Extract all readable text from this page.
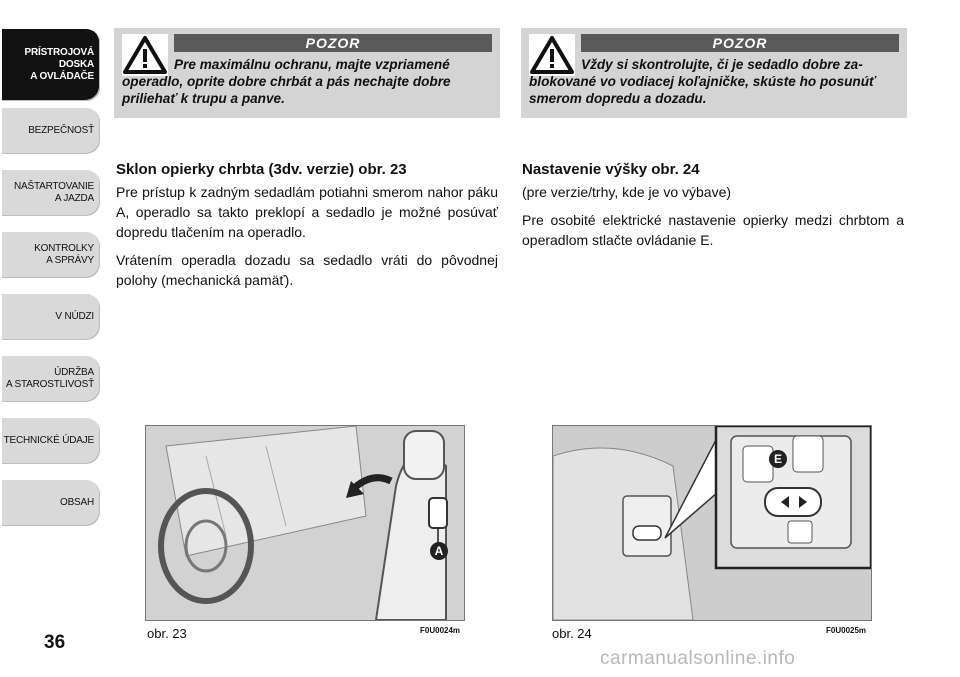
PRÍSTROJOVÁ
DOSKA
A OVLÁDAČE
BEZPEČNOSŤ
NAŠTARTOVANIE
A JAZDA
KONTROLKY
A SPRÁVY
V NÚDZI
ÚDRŽBA
A STAROSTLIVOSŤ
TECHNICKÉ ÚDAJE
OBSAH
36
POZOR
Pre maximálnu ochranu, majte vzpriamené operadlo, oprite dobre chrbát a pás nechajte dobre priliehať k trupu a panve.
POZOR
Vždy si skontrolujte, či je sedadlo dobre zablokované vo vodiacej koľajničke, skúste ho posunúť smerom dopredu a dozadu.
Sklon opierky chrbta (3dv. verzie) obr. 23

Pre prístup k zadným sedadlám potiahni smerom nahor páku A, operadlo sa takto preklopí a sedadlo je možné posúvať dopredu tlačením na operadlo.

Vrátením operadla dozadu sa sedadlo vráti do pôvodnej polohy (mechanická pamäť).

Nastavenie výšky obr. 24
(pre verzie/trhy, kde je vo výbave)

Pre osobité elektrické nastavenie opierky medzi chrbtom a operadlom stlačte ovládanie E.

A
obr. 23	F0U0024m
E
obr. 24	F0U0025m
carmanualsonline.info
